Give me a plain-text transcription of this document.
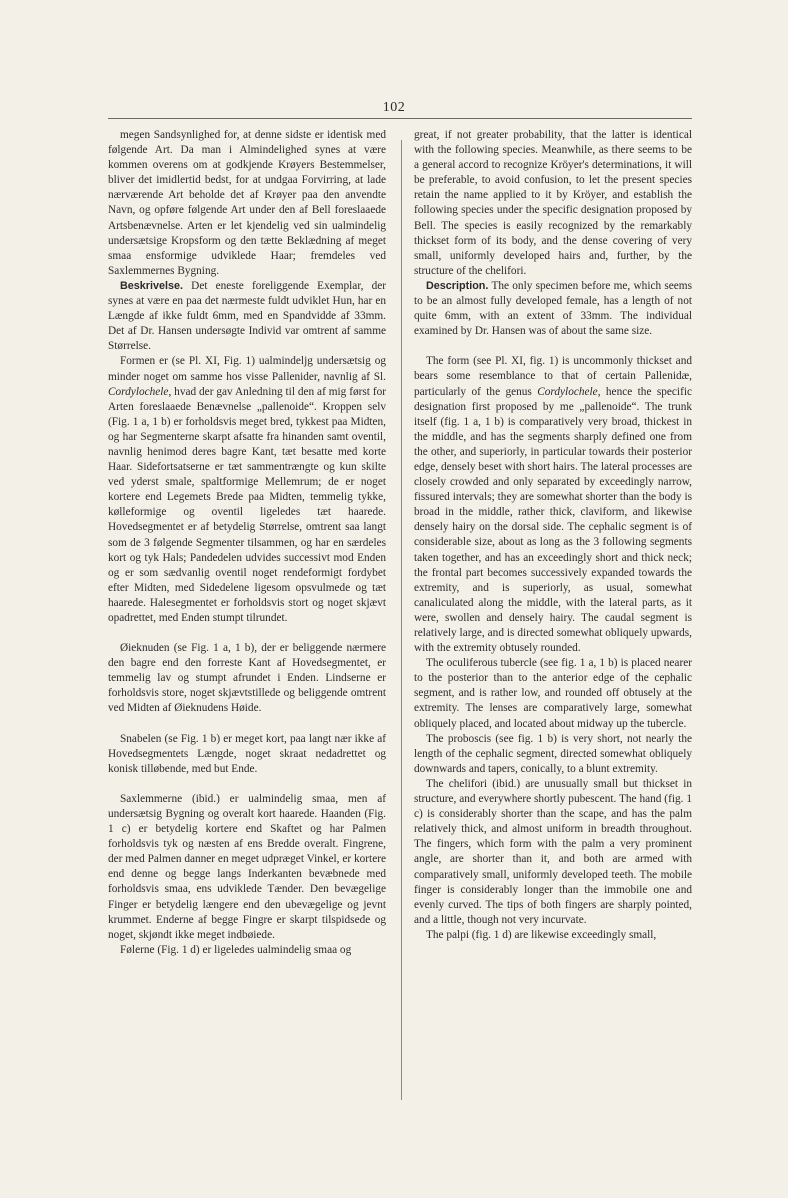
102

megen Sandsynlighed for, at denne sidste er identisk med følgende Art. Da man i Almindelighed synes at være kommen overens om at godkjende Krøyers Bestemmelser, bliver det imidlertid bedst, for at undgaa Forvirring, at lade nærværende Art beholde det af Krøyer paa den anvendte Navn, og opføre følgende Art under den af Bell foreslaaede Artsbenævnelse. Arten er let kjendelig ved sin ualmindelig undersætsige Kropsform og den tætte Beklædning af meget smaa ensformige udviklede Haar; fremdeles ved Saxlemmernes Bygning.

Beskrivelse. Det eneste foreliggende Exemplar, der synes at være en paa det nærmeste fuldt udviklet Hun, har en Længde af ikke fuldt 6mm, med en Spandvidde af 33mm. Det af Dr. Hansen undersøgte Individ var omtrent af samme Størrelse.

Formen er (se Pl. XI, Fig. 1) ualmindeljg undersætsig og minder noget om samme hos visse Pallenider, navnlig af Sl. Cordylochele, hvad der gav Anledning til den af mig først for Arten foreslaaede Benævnelse „pallenoide“. Kroppen selv (Fig. 1 a, 1 b) er forholdsvis meget bred, tykkest paa Midten, og har Segmenterne skarpt afsatte fra hinanden samt oventil, navnlig henimod deres bagre Kant, tæt besatte med korte Haar. Sidefortsatserne er tæt sammentrængte og kun skilte ved yderst smale, spaltformige Mellemrum; de er noget kortere end Legemets Brede paa Midten, temmelig tykke, kølleformige og oventil ligeledes tæt haarede. Hovedsegmentet er af betydelig Størrelse, omtrent saa langt som de 3 følgende Segmenter tilsammen, og har en særdeles kort og tyk Hals; Pandedelen udvides successivt mod Enden og er som sædvanlig oventil noget rendeformigt fordybet efter Midten, med Sidedelene ligesom opsvulmede og tæt haarede. Halesegmentet er forholdsvis stort og noget skjævt opadrettet, med Enden stumpt tilrundet.

Øieknuden (se Fig. 1 a, 1 b), der er beliggende nærmere den bagre end den forreste Kant af Hovedsegmentet, er temmelig lav og stumpt afrundet i Enden. Lindserne er forholdsvis store, noget skjævtstillede og beliggende omtrent ved Midten af Øieknudens Høide.

Snabelen (se Fig. 1 b) er meget kort, paa langt nær ikke af Hovedsegmentets Længde, noget skraat nedadrettet og konisk tilløbende, med but Ende.

Saxlemmerne (ibid.) er ualmindelig smaa, men af undersætsig Bygning og overalt kort haarede. Haanden (Fig. 1 c) er betydelig kortere end Skaftet og har Palmen forholdsvis tyk og næsten af ens Bredde overalt. Fingrene, der med Palmen danner en meget udpræget Vinkel, er kortere end denne og begge langs Inderkanten bevæbnede med forholdsvis smaa, ens udviklede Tænder. Den bevægelige Finger er betydelig længere end den ubevægelige og jevnt krummet. Enderne af begge Fingre er skarpt tilspidsede og noget, skjøndt ikke meget indbøiede.

Følerne (Fig. 1 d) er ligeledes ualmindelig smaa og

great, if not greater probability, that the latter is identical with the following species. Meanwhile, as there seems to be a general accord to recognize Kröyer's determinations, it will be preferable, to avoid confusion, to let the present species retain the name applied to it by Kröyer, and establish the following species under the specific designation proposed by Bell. The species is easily recognized by the remarkably thickset form of its body, and the dense covering of very small, uniformly developed hairs and, further, by the structure of the chelifori.

Description. The only specimen before me, which seems to be an almost fully developed female, has a length of not quite 6mm, with an extent of 33mm. The individual examined by Dr. Hansen was of about the same size.

The form (see Pl. XI, fig. 1) is uncommonly thickset and bears some resemblance to that of certain Pallenidæ, particularly of the genus Cordylochele, hence the specific designation first proposed by me „pallenoide“. The trunk itself (fig. 1 a, 1 b) is comparatively very broad, thickest in the middle, and has the segments sharply defined one from the other, and superiorly, in particular towards their posterior edge, densely beset with short hairs. The lateral processes are closely crowded and only separated by exceedingly narrow, fissured intervals; they are somewhat shorter than the body is broad in the middle, rather thick, claviform, and likewise densely hairy on the dorsal side. The cephalic segment is of considerable size, about as long as the 3 following segments taken together, and has an exceedingly short and thick neck; the frontal part becomes successively expanded towards the extremity, and is superiorly, as usual, somewhat canaliculated along the middle, with the lateral parts, as it were, swollen and densely hairy. The caudal segment is relatively large, and is directed somewhat obliquely upwards, with the extremity obtusely rounded.

The oculiferous tubercle (see fig. 1 a, 1 b) is placed nearer to the posterior than to the anterior edge of the cephalic segment, and is rather low, and rounded off obtusely at the extremity. The lenses are comparatively large, somewhat obliquely placed, and located about midway up the tubercle.

The proboscis (see fig. 1 b) is very short, not nearly the length of the cephalic segment, directed somewhat obliquely downwards and tapers, conically, to a blunt extremity.

The chelifori (ibid.) are unusually small but thickset in structure, and everywhere shortly pubescent. The hand (fig. 1 c) is considerably shorter than the scape, and has the palm relatively thick, and almost uniform in breadth throughout. The fingers, which form with the palm a very prominent angle, are shorter than it, and both are armed with comparatively small, uniformly developed teeth. The mobile finger is considerably longer than the immobile one and evenly curved. The tips of both fingers are sharply pointed, and a little, though not very incurvate.

The palpi (fig. 1 d) are likewise exceedingly small,
